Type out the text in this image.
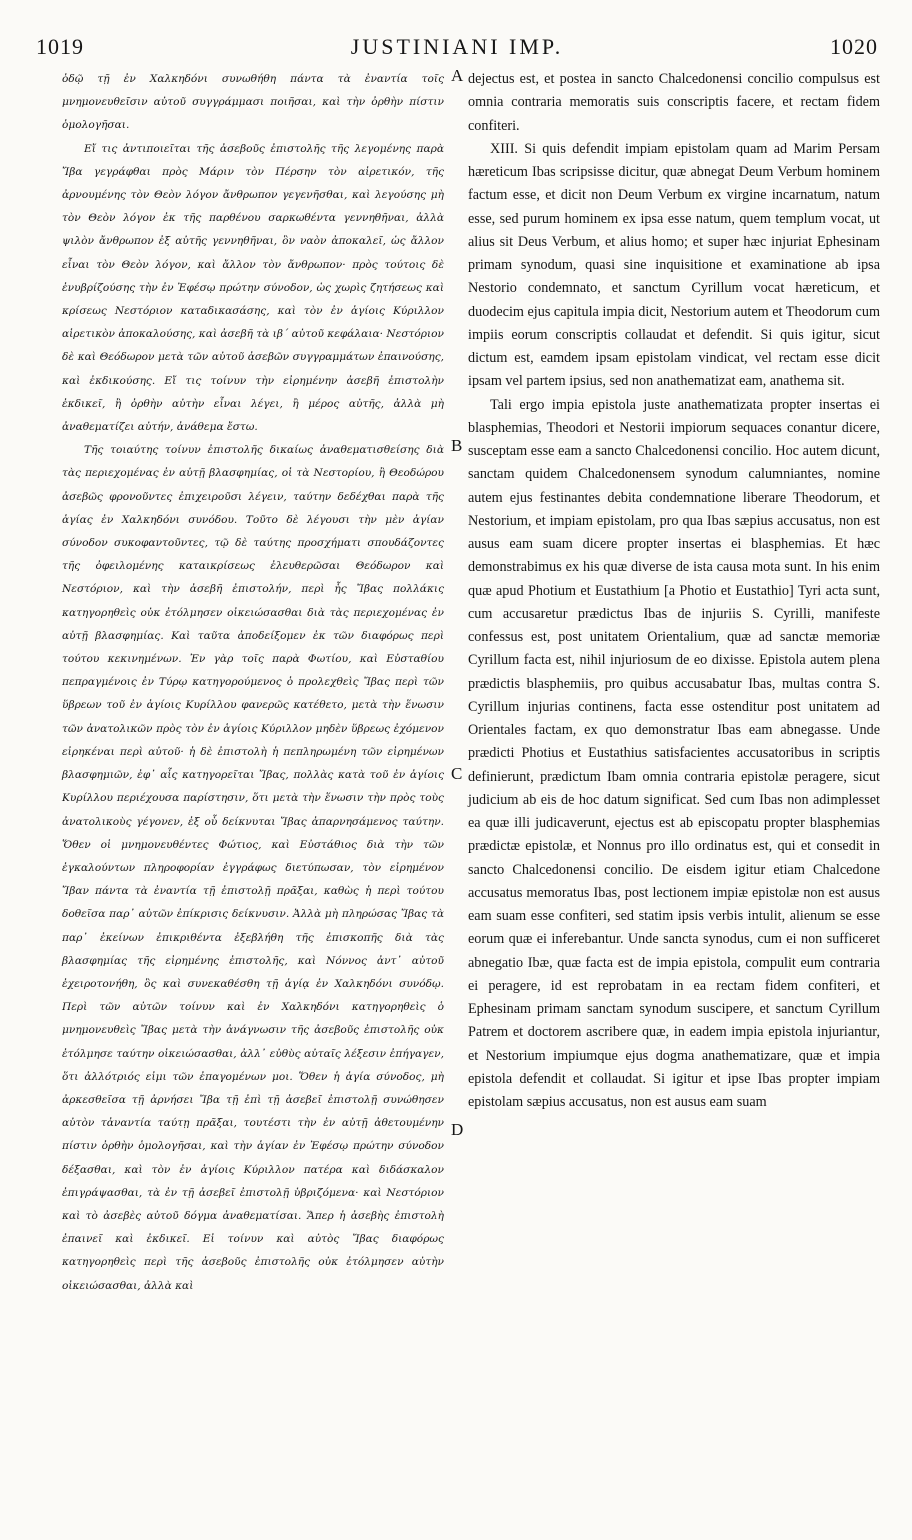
1019	JUSTINIANI IMP.	1020
ὁδῷ τῇ ἐν Χαλκηδόνι συνωθήθη πάντα τὰ ἐναντία τοῖς μνημονευθεῖσιν αὐτοῦ συγγράμμασι ποιῆσαι, καὶ τὴν ὀρθὴν πίστιν ὁμολογῆσαι.
Εἴ τις ἀντιποιεῖται τῆς ἀσεβοῦς ἐπιστολῆς τῆς λεγομένης παρὰ Ἴβα γεγράφθαι πρὸς Μάριν τὸν Πέρσην τὸν αἱρετικόν, τῆς ἀρνουμένης τὸν Θεὸν λόγον ἄνθρωπον γεγενῆσθαι, καὶ λεγούσης μὴ τὸν Θεὸν λόγον ἐκ τῆς παρθένου σαρκωθέντα γεννηθῆναι, ἀλλὰ ψιλὸν ἄνθρωπον ἐξ αὐτῆς γεννηθῆναι, ὃν ναὸν ἀποκαλεῖ, ὡς ἄλλον εἶναι τὸν Θεὸν λόγον, καὶ ἄλλον τὸν ἄνθρωπον· πρὸς τούτοις δὲ ἐνυβρίζούσης τὴν ἐν Ἐφέσῳ πρώτην σύνοδον, ὡς χωρὶς ζητήσεως καὶ κρίσεως Νεστόριον καταδικασάσης, καὶ τὸν ἐν ἁγίοις Κύριλλον αἱρετικὸν ἀποκαλούσης, καὶ ἀσεβῆ τὰ ιβ΄ αὐτοῦ κεφάλαια· Νεστόριον δὲ καὶ Θεόδωρον μετὰ τῶν αὐτοῦ ἀσεβῶν συγγραμμάτων ἐπαινούσης, καὶ ἐκδικούσης. Εἴ τις τοίνυν τὴν εἰρημένην ἀσεβῆ ἐπιστολὴν ἐκδικεῖ, ἢ ὀρθὴν αὐτὴν εἶναι λέγει, ἢ μέρος αὐτῆς, ἀλλὰ μὴ ἀναθεματίζει αὐτήν, ἀνάθεμα ἔστω.
Τῆς τοιαύτης τοίνυν ἐπιστολῆς δικαίως ἀναθεματισθείσης διὰ τὰς περιεχομένας ἐν αὐτῇ βλασφημίας, οἱ τὰ Νεστορίου, ἢ Θεοδώρου ἀσεβῶς φρονοῦντες ἐπιχειροῦσι λέγειν, ταύτην δεδέχθαι παρὰ τῆς ἁγίας ἐν Χαλκηδόνι συνόδου. Τοῦτο δὲ λέγουσι τὴν μὲν ἁγίαν σύνοδον συκοφαντοῦντες, τῷ δὲ ταύτης προσχήματι σπουδάζοντες τῆς ὀφειλομένης καταικρίσεως ἐλευθερῶσαι Θεόδωρον καὶ Νεστόριον, καὶ τὴν ἀσεβῆ ἐπιστολήν, περὶ ἧς Ἴβας πολλάκις κατηγορηθεὶς οὐκ ἐτόλμησεν οἰκειώσασθαι διὰ τὰς περιεχομένας ἐν αὐτῇ βλασφημίας. Καὶ ταῦτα ἀποδείξομεν ἐκ τῶν διαφόρως περὶ τούτου κεκινημένων. Ἐν γὰρ τοῖς παρὰ Φωτίου, καὶ Εὐσταθίου πεπραγμένοις ἐν Τύρῳ κατηγορούμενος ὁ προλεχθεὶς Ἴβας περὶ τῶν ὕβρεων τοῦ ἐν ἁγίοις Κυρίλλου φανερῶς κατέθετο, μετὰ τὴν ἕνωσιν τῶν ἀνατολικῶν πρὸς τὸν ἐν ἁγίοις Κύριλλον μηδὲν ὕβρεως ἐχόμενον εἰρηκέναι περὶ αὐτοῦ· ἡ δὲ ἐπιστολὴ ἡ πεπληρωμένη τῶν εἰρημένων βλασφημιῶν, ἐφ᾽ αἷς κατηγορεῖται Ἴβας, πολλὰς κατὰ τοῦ ἐν ἁγίοις Κυρίλλου περιέχουσα παρίστησιν, ὅτι μετὰ τὴν ἕνωσιν τὴν πρὸς τοὺς ἀνατολικοὺς γέγονεν, ἐξ οὗ δείκνυται Ἴβας ἀπαρνησάμενος ταύτην. Ὅθεν οἱ μνημονευθέντες Φώτιος, καὶ Εὐστάθιος διὰ τὴν τῶν ἐγκαλούντων πληροφορίαν ἐγγράφως διετύπωσαν, τὸν εἰρημένον Ἴβαν πάντα τὰ ἐναντία τῇ ἐπιστολῇ πρᾶξαι, καθὼς ἡ περὶ τούτου δοθεῖσα παρ᾽ αὐτῶν ἐπίκρισις δείκνυσιν. Ἀλλὰ μὴ πληρώσας Ἴβας τὰ παρ᾽ ἐκείνων ἐπικριθέντα ἐξεβλήθη τῆς ἐπισκοπῆς διὰ τὰς βλασφημίας τῆς εἰρημένης ἐπιστολῆς, καὶ Νόννος ἀντ᾽ αὐτοῦ ἐχειροτονήθη, ὃς καὶ συνεκαθέσθη τῇ ἁγίᾳ ἐν Χαλκηδόνι συνόδῳ. Περὶ τῶν αὐτῶν τοίνυν καὶ ἐν Χαλκηδόνι κατηγορηθεὶς ὁ μνημονευθεὶς Ἴβας μετὰ τὴν ἀνάγνωσιν τῆς ἀσεβοῦς ἐπιστολῆς οὐκ ἐτόλμησε ταύτην οἰκειώσασθαι, ἀλλ᾽ εὐθὺς αὐταῖς λέξεσιν ἐπήγαγεν, ὅτι ἀλλότριός εἰμι τῶν ἐπαγομένων μοι. Ὅθεν ἡ ἁγία σύνοδος, μὴ ἀρκεσθεῖσα τῇ ἀρνήσει Ἴβα τῇ ἐπὶ τῇ ἀσεβεῖ ἐπιστολῇ συνώθησεν αὐτὸν τἀναντία ταύτῃ πρᾶξαι, τουτέστι τὴν ἐν αὐτῇ ἀθετουμένην πίστιν ὀρθὴν ὁμολογῆσαι, καὶ τὴν ἁγίαν ἐν Ἐφέσῳ πρώτην σύνοδον δέξασθαι, καὶ τὸν ἐν ἁγίοις Κύριλλον πατέρα καὶ διδάσκαλον ἐπιγράψασθαι, τὰ ἐν τῇ ἀσεβεῖ ἐπιστολῇ ὑβριζόμενα· καὶ Νεστόριον καὶ τὸ ἀσεβὲς αὐτοῦ δόγμα ἀναθεματίσαι. Ἅπερ ἡ ἀσεβὴς ἐπιστολὴ ἐπαινεῖ καὶ ἐκδικεῖ. Εἰ τοίνυν καὶ αὐτὸς Ἴβας διαφόρως κατηγορηθεὶς περὶ τῆς ἀσεβοῦς ἐπιστολῆς οὐκ ἐτόλμησεν αὐτὴν οἰκειώσασθαι, ἀλλὰ καὶ
dejectus est, et postea in sancto Chalcedonensi concilio compulsus est omnia contraria memoratis suis conscriptis facere, et rectam fidem confiteri.
XIII. Si quis defendit impiam epistolam quam ad Marim Persam hæreticum Ibas scripsisse dicitur, quæ abnegat Deum Verbum hominem factum esse, et dicit non Deum Verbum ex virgine incarnatum, natum esse, sed purum hominem ex ipsa esse natum, quem templum vocat, ut alius sit Deus Verbum, et alius homo; et super hæc injuriat Ephesinam primam synodum, quasi sine inquisitione et examinatione ab ipsa Nestorio condemnato, et sanctum Cyrillum vocat hæreticum, et duodecim ejus capitula impia dicit, Nestorium autem et Theodorum cum impiis eorum conscriptis collaudat et defendit. Si quis igitur, sicut dictum est, eamdem ipsam epistolam vindicat, vel rectam esse dicit ipsam vel partem ipsius, sed non anathematizat eam, anathema sit.
Tali ergo impia epistola juste anathematizata propter insertas ei blasphemias, Theodori et Nestorii impiorum sequaces conantur dicere, susceptam esse eam a sancto Chalcedonensi concilio. Hoc autem dicunt, sanctam quidem Chalcedonensem synodum calumniantes, nomine autem ejus festinantes debita condemnatione liberare Theodorum, et Nestorium, et impiam epistolam, pro qua Ibas sæpius accusatus, non est ausus eam suam dicere propter insertas ei blasphemias. Et hæc demonstrabimus ex his quæ diverse de ista causa mota sunt. In his enim quæ apud Photium et Eustathium [a Photio et Eustathio] Tyri acta sunt, cum accusaretur prædictus Ibas de injuriis S. Cyrilli, manifeste confessus est, post unitatem Orientalium, quæ ad sanctæ memoriæ Cyrillum facta est, nihil injuriosum de eo dixisse. Epistola autem plena prædictis blasphemiis, pro quibus accusabatur Ibas, multas contra S. Cyrillum injurias continens, facta esse ostenditur post unitatem ad Orientales factam, ex quo demonstratur Ibas eam abnegasse. Unde prædicti Photius et Eustathius satisfacientes accusatoribus in scriptis definierunt, prædictum Ibam omnia contraria epistolæ peragere, sicut judicium ab eis de hoc datum significat. Sed cum Ibas non adimplesset ea quæ illi judicaverunt, ejectus est ab episcopatu propter blasphemias prædictæ epistolæ, et Nonnus pro illo ordinatus est, qui et consedit in sancto Chalcedonensi concilio. De eisdem igitur etiam Chalcedone accusatus memoratus Ibas, post lectionem impiæ epistolæ non est ausus eam suam esse confiteri, sed statim ipsis verbis intulit, alienum se esse eorum quæ ei inferebantur. Unde sancta synodus, cum ei non sufficeret abnegatio Ibæ, quæ facta est de impia epistola, compulit eum contraria ei peragere, id est reprobatam in ea rectam fidem confiteri, et Ephesinam primam sanctam synodum suscipere, et sanctum Cyrillum Patrem et doctorem ascribere quæ, in eadem impia epistola injuriantur, et Nestorium impiumque ejus dogma anathematizare, quæ et impia epistola defendit et collaudat. Si igitur et ipse Ibas propter impiam epistolam sæpius accusatus, non est ausus eam suam
A
B
C
D
